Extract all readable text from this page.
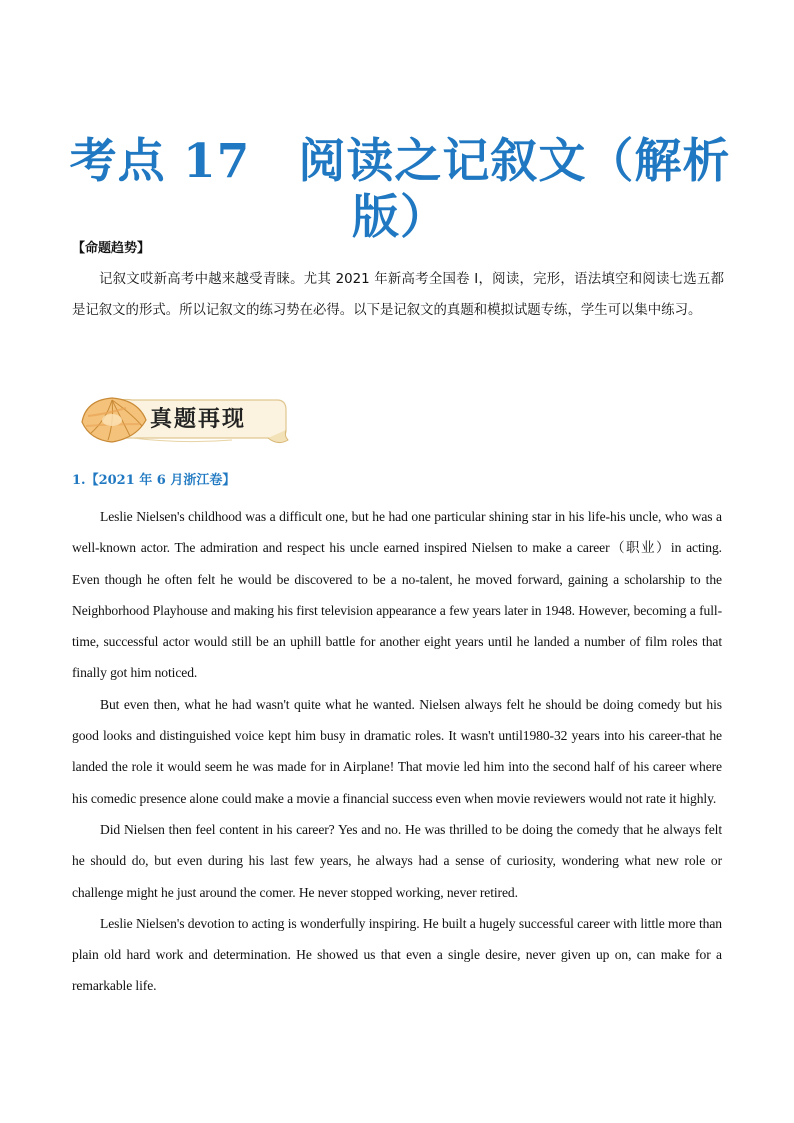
考点 17　阅读之记叙文（解析
版）
【命题趋势】
记叙文哎新高考中越来越受青睐。尤其 2021 年新高考全国卷 I，阅读，完形，语法填空和阅读七选五都是记叙文的形式。所以记叙文的练习势在必得。以下是记叙文的真题和模拟试题专练，学生可以集中练习。
真题再现
1.【2021 年 6 月浙江卷】

Leslie Nielsen's childhood was a difficult one, but he had one particular shining star in his life-his uncle, who was a well-known actor. The admiration and respect his uncle earned inspired Nielsen to make a career（职业）in acting. Even though he often felt he would be discovered to be a no-talent, he moved forward, gaining a scholarship to the Neighborhood Playhouse and making his first television appearance a few years later in 1948. However, becoming a full-time, successful actor would still be an uphill battle for another eight years until he landed a number of film roles that finally got him noticed.

But even then, what he had wasn't quite what he wanted. Nielsen always felt he should be doing comedy but his good looks and distinguished voice kept him busy in dramatic roles. It wasn't until1980-32 years into his career-that he landed the role it would seem he was made for in Airplane! That movie led him into the second half of his career where his comedic presence alone could make a movie a financial success even when movie reviewers would not rate it highly.

Did Nielsen then feel content in his career? Yes and no. He was thrilled to be doing the comedy that he always felt he should do, but even during his last few years, he always had a sense of curiosity, wondering what new role or challenge might he just around the comer. He never stopped working, never retired.

Leslie Nielsen's devotion to acting is wonderfully inspiring. He built a hugely successful career with little more than plain old hard work and determination. He showed us that even a single desire, never given up on, can make for a remarkable life.
